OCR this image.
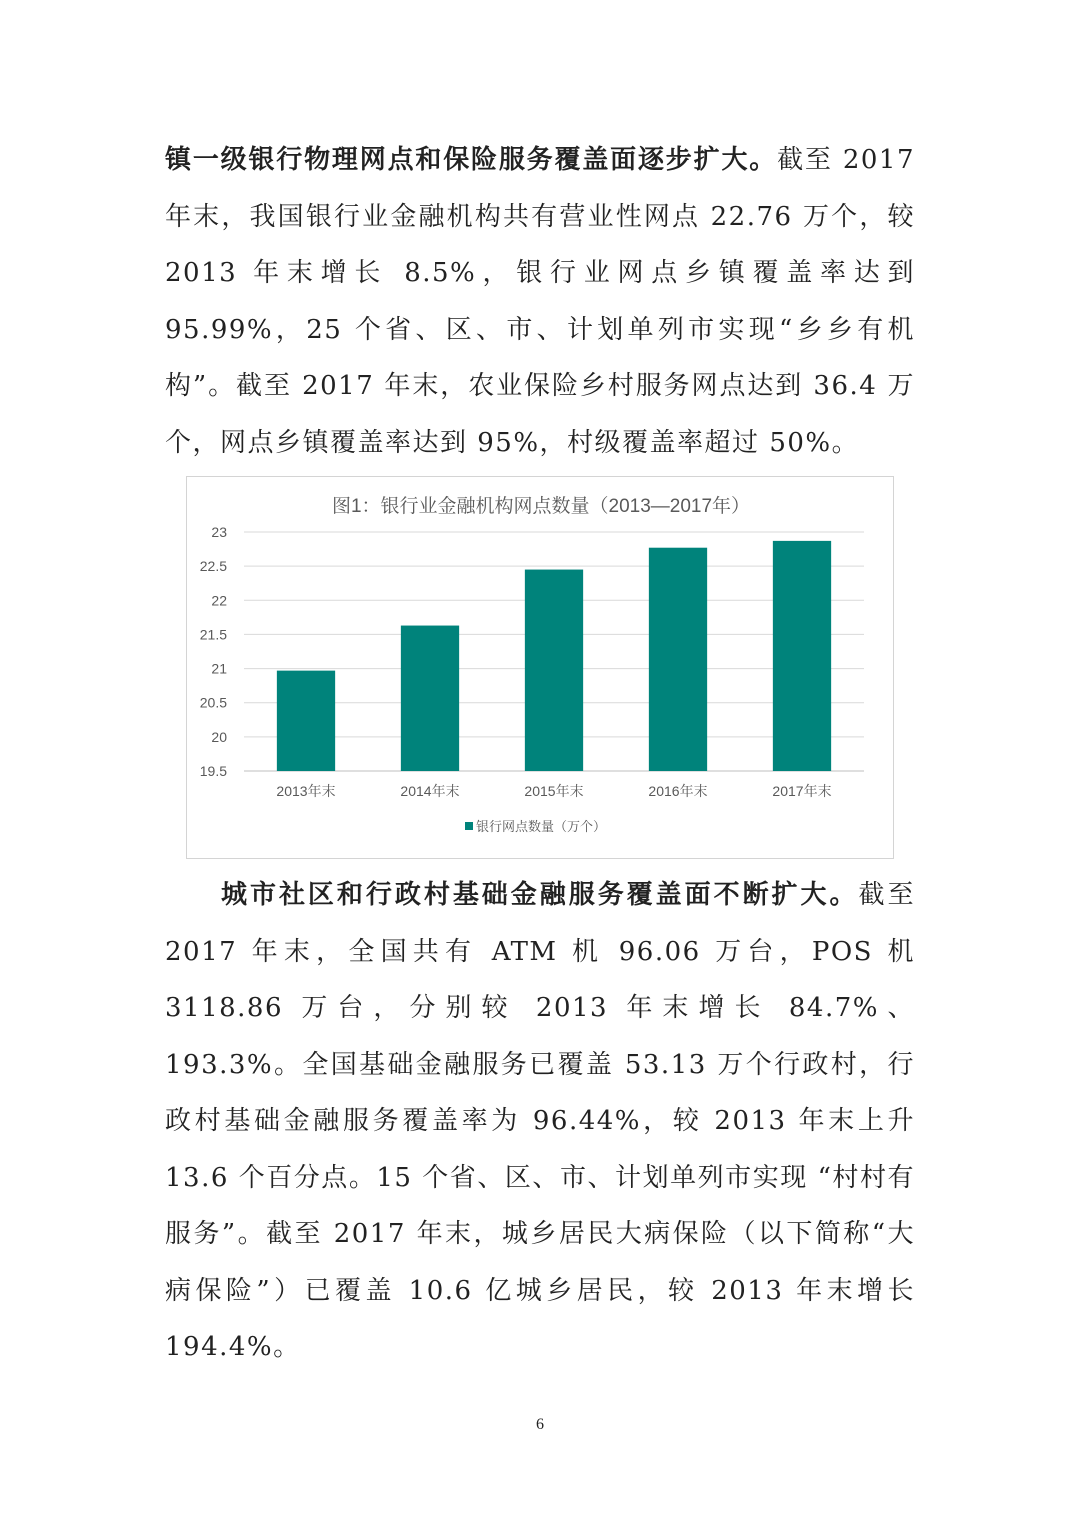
镇一级银行物理网点和保险服务覆盖面逐步扩大。截至 2017 年末，我国银行业金融机构共有营业性网点 22.76 万个，较 2013 年末增长 8.5%，银行业网点乡镇覆盖率达到 95.99%，25 个省、区、市、计划单列市实现“乡乡有机构”。截至 2017 年末，农业保险乡村服务网点达到 36.4 万个，网点乡镇覆盖率达到 95%，村级覆盖率超过 50%。

图1：银行业金融机构网点数量（2013—2017年）
19.5
20
20.5
21
21.5
22
22.5
23
2013年末	2014年末	2015年末	2016年末	2017年末
银行网点数量（万个）

城市社区和行政村基础金融服务覆盖面不断扩大。截至 2017 年末，全国共有 ATM 机 96.06 万台，POS 机 3118.86 万台，分别较 2013 年末增长 84.7%、193.3%。全国基础金融服务已覆盖 53.13 万个行政村，行政村基础金融服务覆盖率为 96.44%，较 2013 年末上升 13.6 个百分点。15 个省、区、市、计划单列市实现 “村村有服务”。截至 2017 年末，城乡居民大病保险（以下简称“大病保险”）已覆盖 10.6 亿城乡居民，较 2013 年末增长 194.4%。

6
